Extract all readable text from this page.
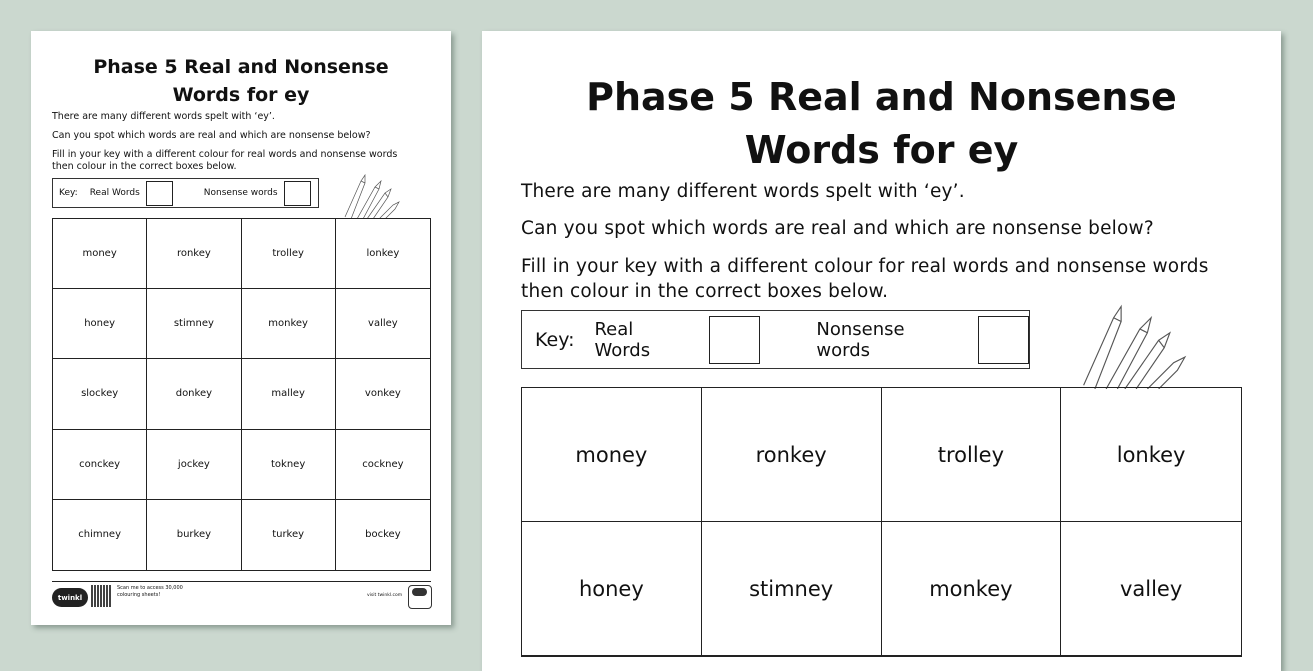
Phase 5 Real and Nonsense
Words for ey

There are many different words spelt with ‘ey’.

Can you spot which words are real and which are nonsense below?

Fill in your key with a different colour for real words and nonsense words
then colour in the correct boxes below.

Key: Real Words	Nonsense words
money	ronkey	trolley	lonkey
honey	stimney	monkey	valley
slockey	donkey	malley	vonkey
conckey	jockey	tokney	cockney
chimney	burkey	turkey	bockey
twinkl
Scan me to access 30,000 colouring sheets!	visit twinkl.com
Phase 5 Real and Nonsense
Words for ey

There are many different words spelt with ‘ey’.

Can you spot which words are real and which are nonsense below?

Fill in your key with a different colour for real words and nonsense words
then colour in the correct boxes below.

Key: Real Words
Nonsense words
money	ronkey	trolley	lonkey
honey	stimney	monkey	valley
